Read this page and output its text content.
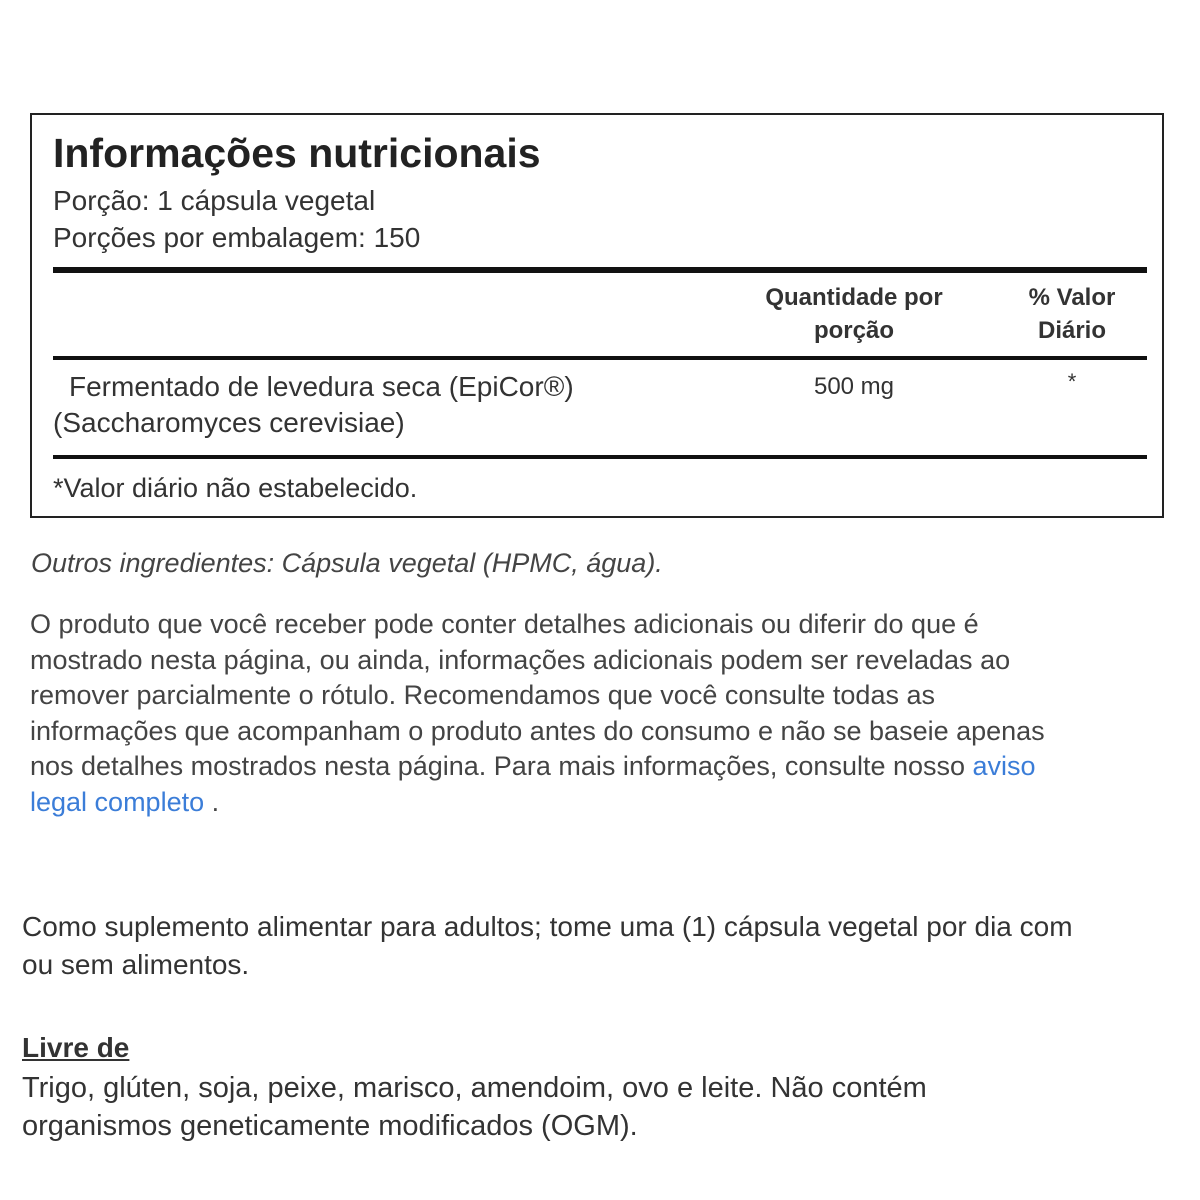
Informações nutricionais
Porção: 1 cápsula vegetal
Porções por embalagem: 150
Quantidade por
porção
% Valor
Diário
Fermentado de levedura seca (EpiCor®)
(Saccharomyces cerevisiae)
500 mg	*
*Valor diário não estabelecido.
Outros ingredientes: Cápsula vegetal (HPMC, água).
O produto que você receber pode conter detalhes adicionais ou diferir do que é
mostrado nesta página, ou ainda, informações adicionais podem ser reveladas ao
remover parcialmente o rótulo. Recomendamos que você consulte todas as
informações que acompanham o produto antes do consumo e não se baseie apenas
nos detalhes mostrados nesta página. Para mais informações, consulte nosso aviso
legal completo .
Como suplemento alimentar para adultos; tome uma (1) cápsula vegetal por dia com
ou sem alimentos.
Livre de
Trigo, glúten, soja, peixe, marisco, amendoim, ovo e leite. Não contém
organismos geneticamente modificados (OGM).
